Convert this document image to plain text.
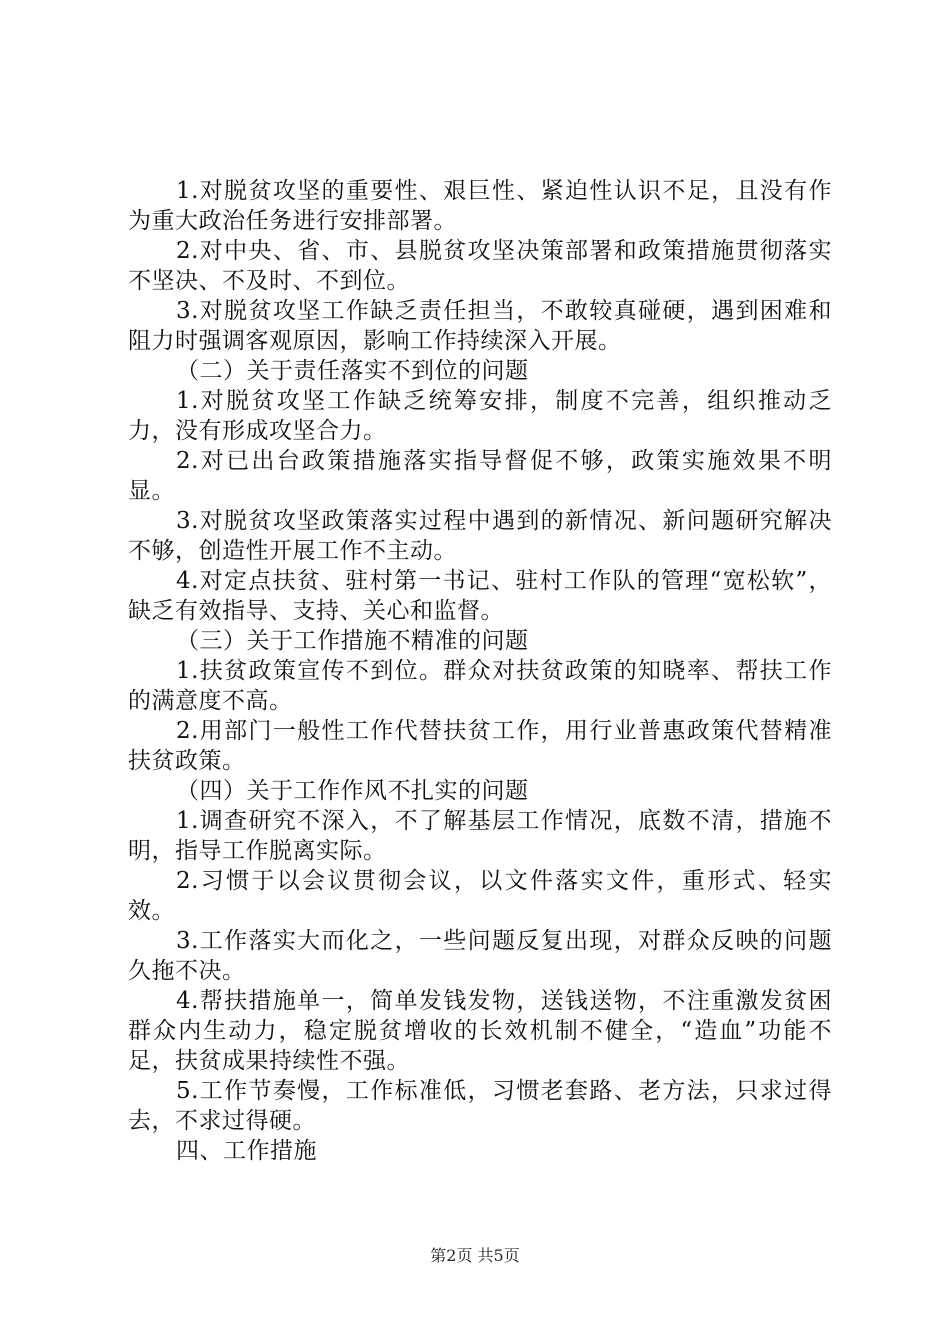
1.对脱贫攻坚的重要性、艰巨性、紧迫性认识不足，且没有作为重大政治任务进行安排部署。

2.对中央、省、市、县脱贫攻坚决策部署和政策措施贯彻落实不坚决、不及时、不到位。

3.对脱贫攻坚工作缺乏责任担当，不敢较真碰硬，遇到困难和阻力时强调客观原因，影响工作持续深入开展。

（二）关于责任落实不到位的问题

1.对脱贫攻坚工作缺乏统筹安排，制度不完善，组织推动乏力，没有形成攻坚合力。

2.对已出台政策措施落实指导督促不够，政策实施效果不明显。

3.对脱贫攻坚政策落实过程中遇到的新情况、新问题研究解决不够，创造性开展工作不主动。

4.对定点扶贫、驻村第一书记、驻村工作队的管理“宽松软”，缺乏有效指导、支持、关心和监督。

（三）关于工作措施不精准的问题

1.扶贫政策宣传不到位。群众对扶贫政策的知晓率、帮扶工作的满意度不高。

2.用部门一般性工作代替扶贫工作，用行业普惠政策代替精准扶贫政策。

（四）关于工作作风不扎实的问题

1.调查研究不深入，不了解基层工作情况，底数不清，措施不明，指导工作脱离实际。

2.习惯于以会议贯彻会议，以文件落实文件，重形式、轻实效。

3.工作落实大而化之，一些问题反复出现，对群众反映的问题久拖不决。

4.帮扶措施单一，简单发钱发物，送钱送物，不注重激发贫困群众内生动力，稳定脱贫增收的长效机制不健全，“造血”功能不足，扶贫成果持续性不强。

5.工作节奏慢，工作标准低，习惯老套路、老方法，只求过得去，不求过得硬。

四、工作措施

第2页 共5页
